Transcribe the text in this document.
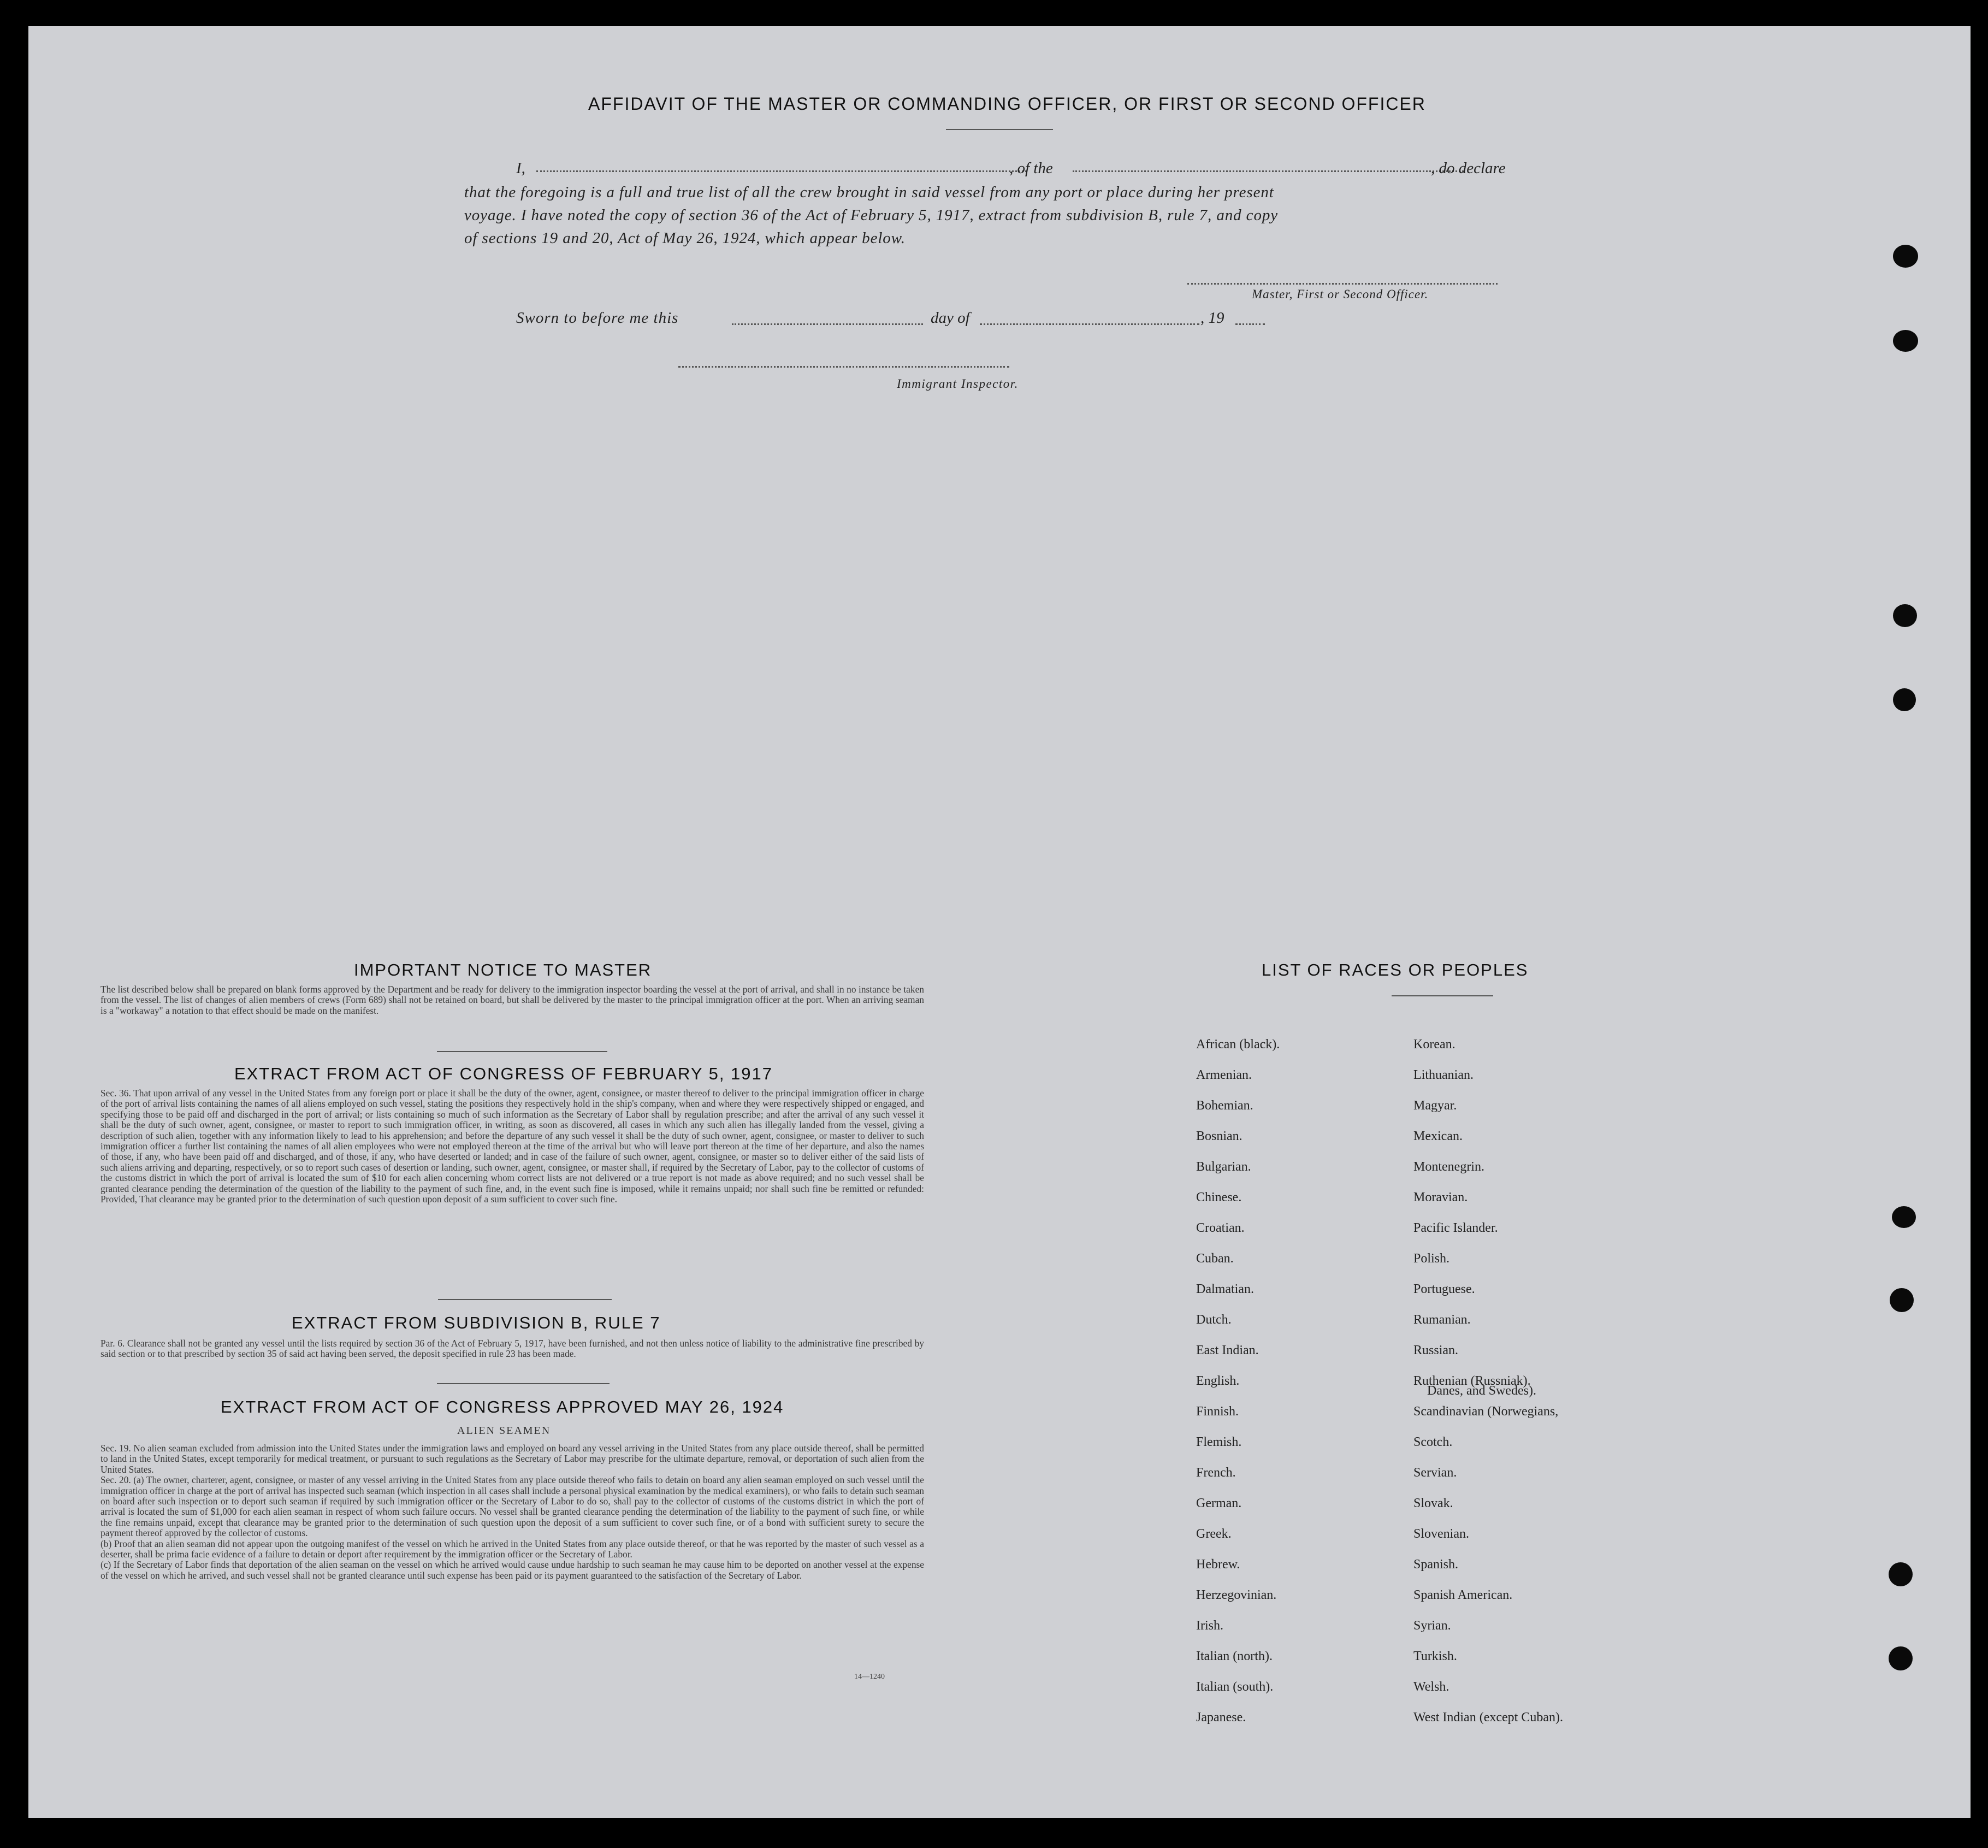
AFFIDAVIT OF THE MASTER OR COMMANDING OFFICER, OR FIRST OR SECOND OFFICER
I,	, of the	, do declare
that the foregoing is a full and true list of all the crew brought in said vessel from any port or place during her present
voyage. I have noted the copy of section 36 of the Act of February 5, 1917, extract from subdivision B, rule 7, and copy
of sections 19 and 20, Act of May 26, 1924, which appear below.
Master, First or Second Officer.
Sworn to before me this	day of	, 19
Immigrant Inspector.
IMPORTANT NOTICE TO MASTER
The list described below shall be prepared on blank forms approved by the Department and be ready for delivery to the immigration inspector boarding the vessel at the port of arrival, and shall in no instance be taken from the vessel. The list of changes of alien members of crews (Form 689) shall not be retained on board, but shall be delivered by the master to the principal immigration officer at the port. When an arriving seaman is a "workaway" a notation to that effect should be made on the manifest.
EXTRACT FROM ACT OF CONGRESS OF FEBRUARY 5, 1917
Sec. 36. That upon arrival of any vessel in the United States from any foreign port or place it shall be the duty of the owner, agent, consignee, or master thereof to deliver to the principal immigration officer in charge of the port of arrival lists containing the names of all aliens employed on such vessel, stating the positions they respectively hold in the ship's company, when and where they were respectively shipped or engaged, and specifying those to be paid off and discharged in the port of arrival; or lists containing so much of such information as the Secretary of Labor shall by regulation prescribe; and after the arrival of any such vessel it shall be the duty of such owner, agent, consignee, or master to report to such immigration officer, in writing, as soon as discovered, all cases in which any such alien has illegally landed from the vessel, giving a description of such alien, together with any information likely to lead to his apprehension; and before the departure of any such vessel it shall be the duty of such owner, agent, consignee, or master to deliver to such immigration officer a further list containing the names of all alien employees who were not employed thereon at the time of the arrival but who will leave port thereon at the time of her departure, and also the names of those, if any, who have been paid off and discharged, and of those, if any, who have deserted or landed; and in case of the failure of such owner, agent, consignee, or master so to deliver either of the said lists of such aliens arriving and departing, respectively, or so to report such cases of desertion or landing, such owner, agent, consignee, or master shall, if required by the Secretary of Labor, pay to the collector of customs of the customs district in which the port of arrival is located the sum of $10 for each alien concerning whom correct lists are not delivered or a true report is not made as above required; and no such vessel shall be granted clearance pending the determination of the question of the liability to the payment of such fine, and, in the event such fine is imposed, while it remains unpaid; nor shall such fine be remitted or refunded: Provided, That clearance may be granted prior to the determination of such question upon deposit of a sum sufficient to cover such fine.
EXTRACT FROM SUBDIVISION B, RULE 7
Par. 6. Clearance shall not be granted any vessel until the lists required by section 36 of the Act of February 5, 1917, have been furnished, and not then unless notice of liability to the administrative fine prescribed by said section or to that prescribed by section 35 of said act having been served, the deposit specified in rule 23 has been made.
EXTRACT FROM ACT OF CONGRESS APPROVED MAY 26, 1924
ALIEN SEAMEN

Sec. 19. No alien seaman excluded from admission into the United States under the immigration laws and employed on board any vessel arriving in the United States from any place outside thereof, shall be permitted to land in the United States, except temporarily for medical treatment, or pursuant to such regulations as the Secretary of Labor may prescribe for the ultimate departure, removal, or deportation of such alien from the United States.

Sec. 20. (a) The owner, charterer, agent, consignee, or master of any vessel arriving in the United States from any place outside thereof who fails to detain on board any alien seaman employed on such vessel until the immigration officer in charge at the port of arrival has inspected such seaman (which inspection in all cases shall include a personal physical examination by the medical examiners), or who fails to detain such seaman on board after such inspection or to deport such seaman if required by such immigration officer or the Secretary of Labor to do so, shall pay to the collector of customs of the customs district in which the port of arrival is located the sum of $1,000 for each alien seaman in respect of whom such failure occurs. No vessel shall be granted clearance pending the determination of the liability to the payment of such fine, or while the fine remains unpaid, except that clearance may be granted prior to the determination of such question upon the deposit of a sum sufficient to cover such fine, or of a bond with sufficient surety to secure the payment thereof approved by the collector of customs.

(b) Proof that an alien seaman did not appear upon the outgoing manifest of the vessel on which he arrived in the United States from any place outside thereof, or that he was reported by the master of such vessel as a deserter, shall be prima facie evidence of a failure to detain or deport after requirement by the immigration officer or the Secretary of Labor.

(c) If the Secretary of Labor finds that deportation of the alien seaman on the vessel on which he arrived would cause undue hardship to such seaman he may cause him to be deported on another vessel at the expense of the vessel on which he arrived, and such vessel shall not be granted clearance until such expense has been paid or its payment guaranteed to the satisfaction of the Secretary of Labor.

14—1240
LIST OF RACES OR PEOPLES
African (black).
Armenian.
Bohemian.
Bosnian.
Bulgarian.
Chinese.
Croatian.
Cuban.
Dalmatian.
Dutch.
East Indian.
English.
Finnish.
Flemish.
French.
German.
Greek.
Hebrew.
Herzegovinian.
Irish.
Italian (north).
Italian (south).
Japanese.
Korean.
Lithuanian.
Magyar.
Mexican.
Montenegrin.
Moravian.
Pacific Islander.
Polish.
Portuguese.
Rumanian.
Russian.
Ruthenian (Russniak).
Scandinavian (Norwegians,
Scotch.
Servian.
Slovak.
Slovenian.
Spanish.
Spanish American.
Syrian.
Turkish.
Welsh.
West Indian (except Cuban).
Danes, and Swedes).
